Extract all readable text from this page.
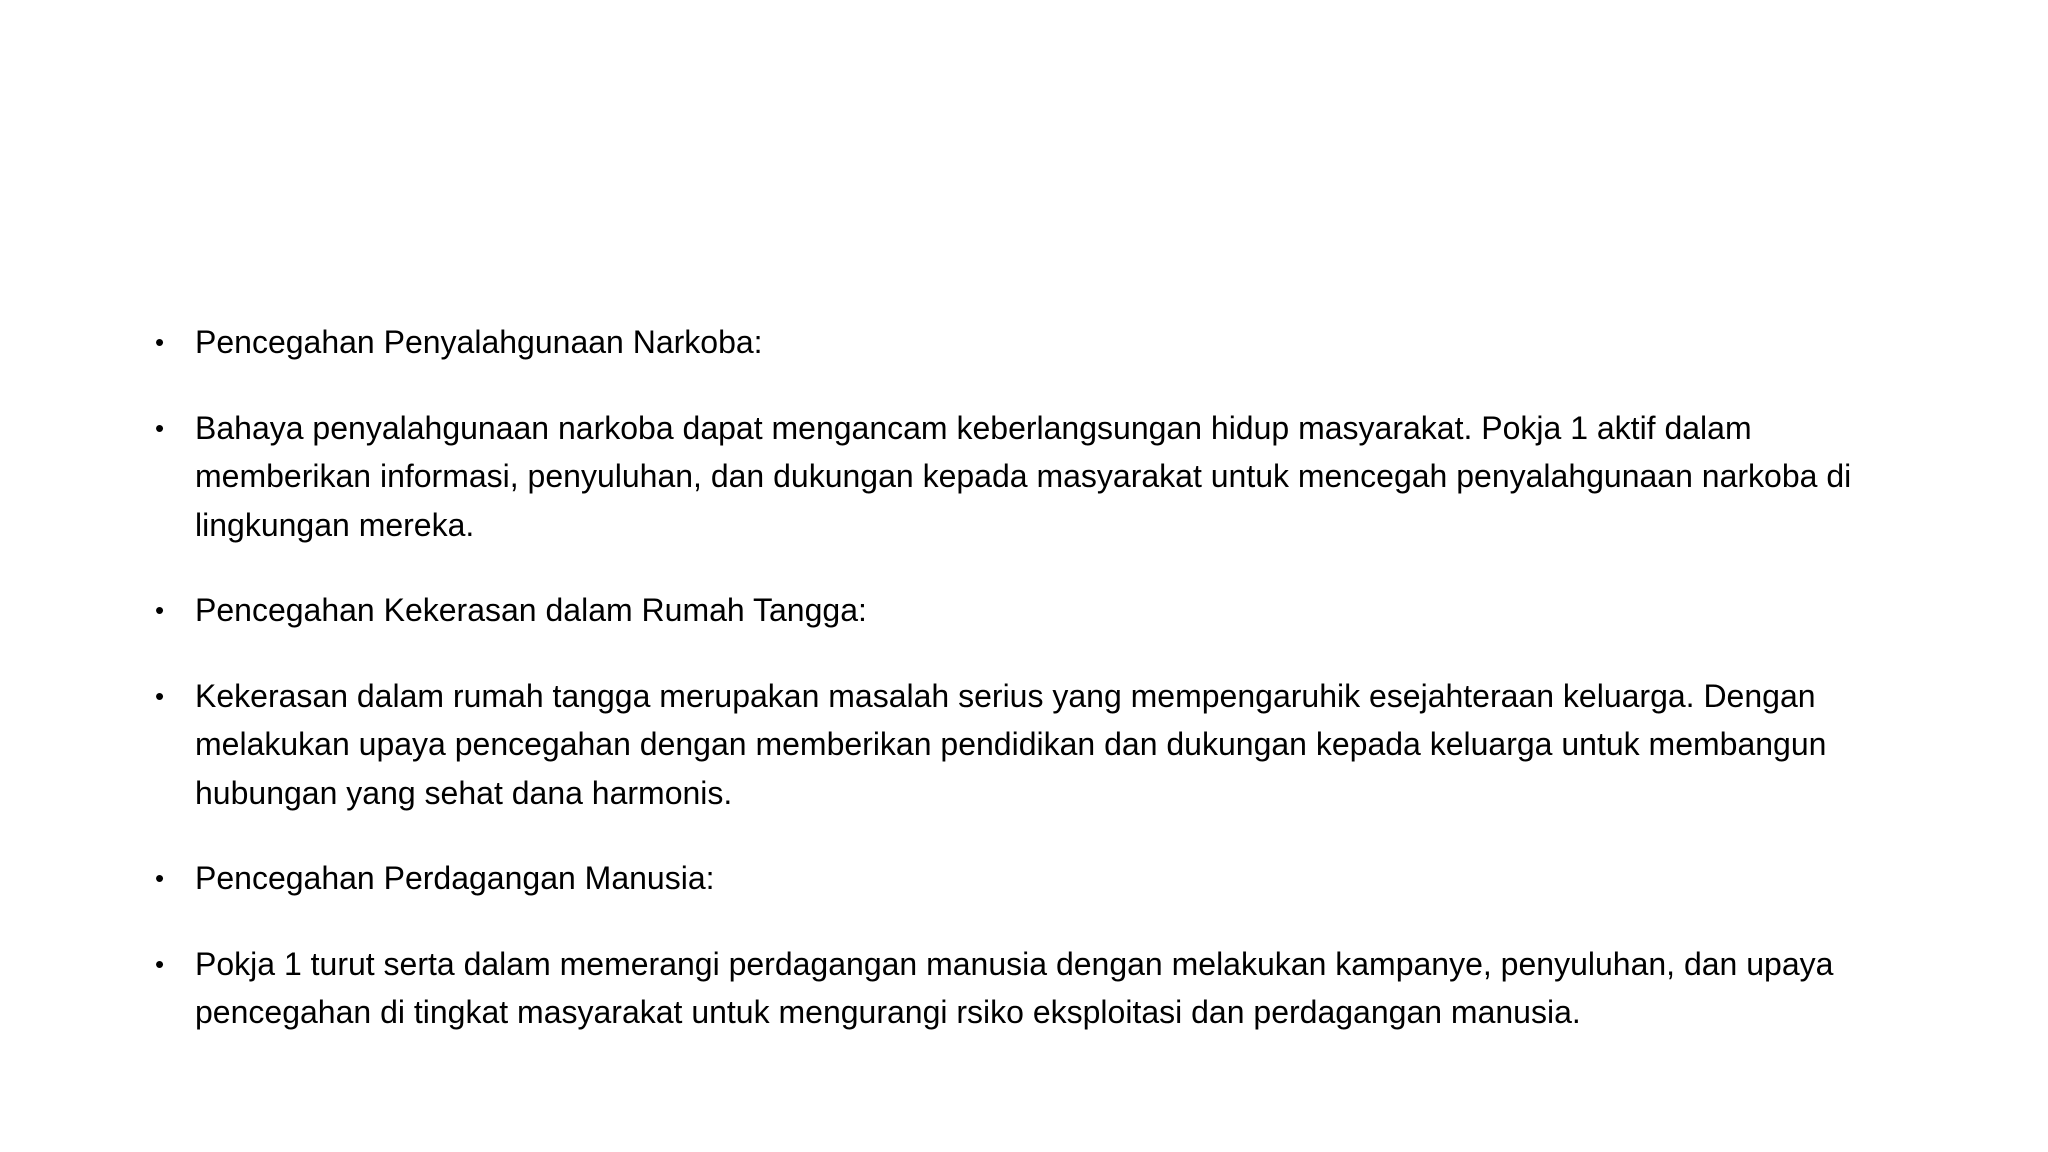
• Pencegahan Penyalahgunaan Narkoba:
• Bahaya penyalahgunaan narkoba dapat mengancam keberlangsungan hidup masyarakat. Pokja 1 aktif dalam memberikan informasi, penyuluhan, dan dukungan kepada masyarakat untuk mencegah penyalahgunaan narkoba di lingkungan mereka.
• Pencegahan Kekerasan dalam Rumah Tangga:
• Kekerasan dalam rumah tangga merupakan masalah serius yang mempengaruhik esejahteraan keluarga. Dengan melakukan upaya pencegahan dengan memberikan pendidikan dan dukungan kepada keluarga untuk membangun hubungan yang sehat dana harmonis.
• Pencegahan Perdagangan Manusia:
• Pokja 1 turut serta dalam memerangi perdagangan manusia dengan melakukan kampanye, penyuluhan, dan upaya pencegahan di tingkat masyarakat untuk mengurangi rsiko eksploitasi dan perdagangan manusia.
